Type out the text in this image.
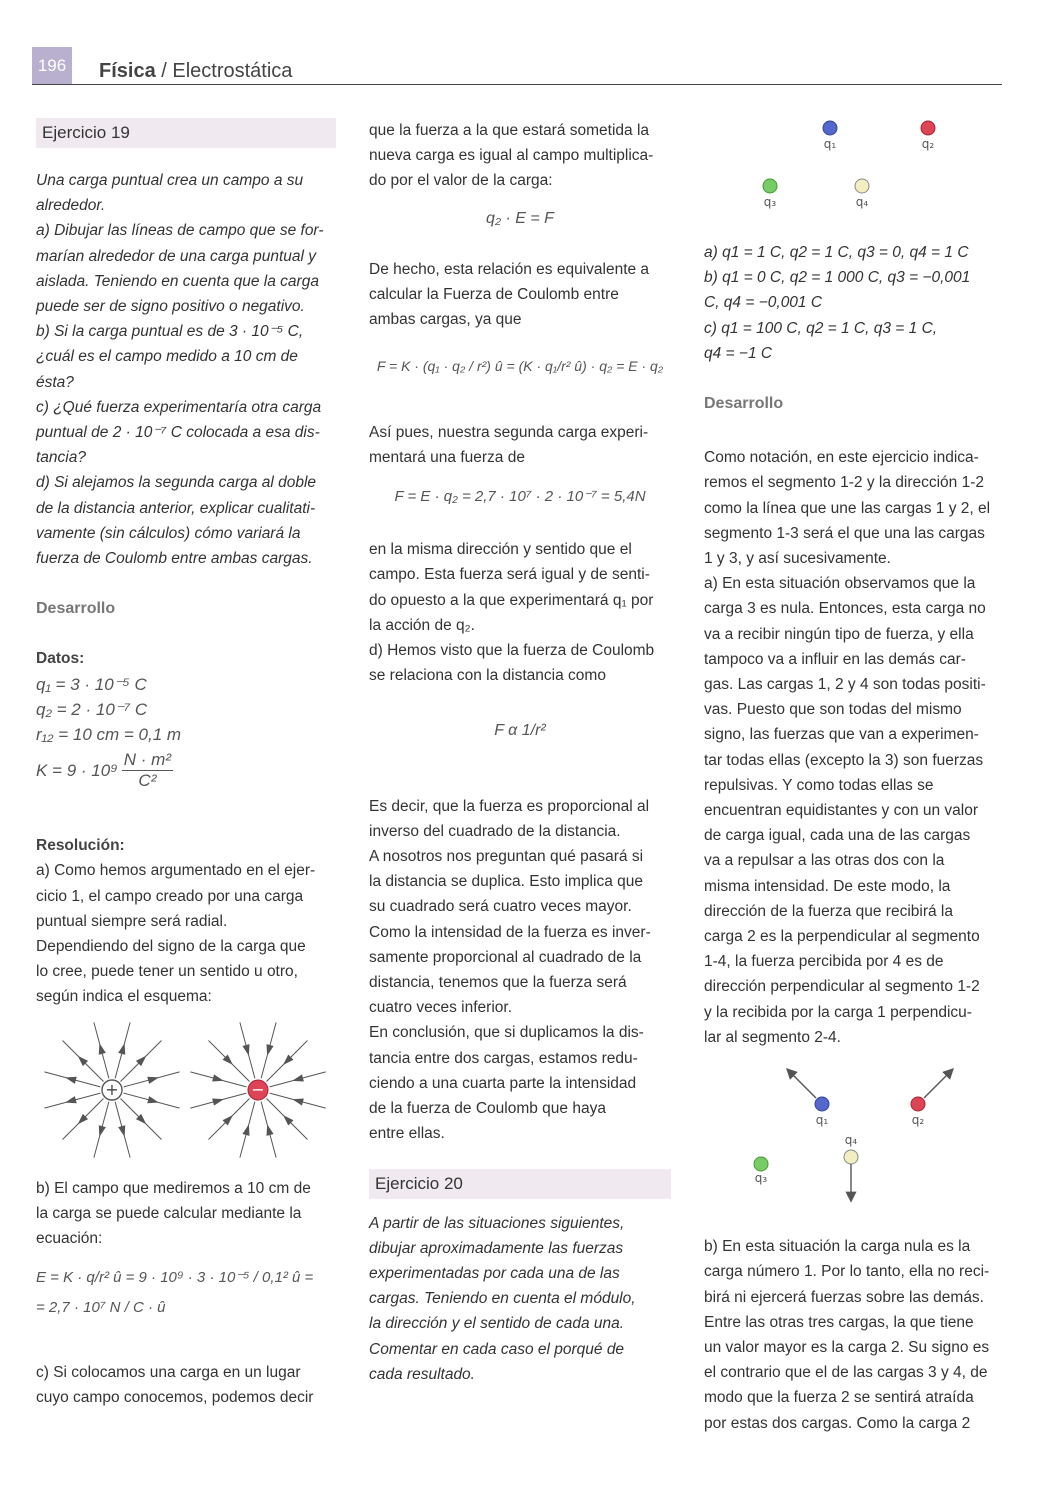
196 Física / Electrostática
Ejercicio 19
Una carga puntual crea un campo a su
alrededor.
a) Dibujar las líneas de campo que se for-
marían alrededor de una carga puntual y
aislada. Teniendo en cuenta que la carga
puede ser de signo positivo o negativo.
b) Si la carga puntual es de 3 · 10⁻⁵ C,
¿cuál es el campo medido a 10 cm de
ésta?
c) ¿Qué fuerza experimentaría otra carga
puntual de 2 · 10⁻⁷ C colocada a esa dis-
tancia?
d) Si alejamos la segunda carga al doble
de la distancia anterior, explicar cualitati-
vamente (sin cálculos) cómo variará la
fuerza de Coulomb entre ambas cargas.

Desarrollo

Datos:

q₁ = 3 · 10⁻⁵ C
q₂ = 2 · 10⁻⁷ C
r₁₂ = 10 cm = 0,1 m
$K = 9 \cdot 10^9 \frac{\text{N · m²}}{\text{C²}}$

Resolución:

a) Como hemos argumentado en el ejer-
cicio 1, el campo creado por una carga
puntual siempre será radial.
Dependiendo del signo de la carga que
lo cree, puede tener un sentido u otro,
según indica el esquema:
+	−
b) El campo que mediremos a 10 cm de
la carga se puede calcular mediante la
ecuación:
E = K · q/r² û = 9 · 10⁹ · 3 · 10⁻⁵ / 0,1² û =
= 2,7 · 10⁷ N / C · û
c) Si colocamos una carga en un lugar
cuyo campo conocemos, podemos decir
que la fuerza a la que estará sometida la
nueva carga es igual al campo multiplica-
do por el valor de la carga:
q₂ · E = F
De hecho, esta relación es equivalente a
calcular la Fuerza de Coulomb entre
ambas cargas, ya que
F = K · (q₁ · q₂ / r²) û = (K · q₁/r² û) · q₂ = E · q₂
Así pues, nuestra segunda carga experi-
mentará una fuerza de
F = E · q₂ = 2,7 · 10⁷ · 2 · 10⁻⁷ = 5,4N
en la misma dirección y sentido que el
campo. Esta fuerza será igual y de senti-
do opuesto a la que experimentará q₁ por
la acción de q₂.
d) Hemos visto que la fuerza de Coulomb
se relaciona con la distancia como
F α 1/r²
Es decir, que la fuerza es proporcional al
inverso del cuadrado de la distancia.
A nosotros nos preguntan qué pasará si
la distancia se duplica. Esto implica que
su cuadrado será cuatro veces mayor.
Como la intensidad de la fuerza es inver-
samente proporcional al cuadrado de la
distancia, tenemos que la fuerza será
cuatro veces inferior.
En conclusión, que si duplicamos la dis-
tancia entre dos cargas, estamos redu-
ciendo a una cuarta parte la intensidad
de la fuerza de Coulomb que haya
entre ellas.
Ejercicio 20
A partir de las situaciones siguientes,
dibujar aproximadamente las fuerzas
experimentadas por cada una de las
cargas. Teniendo en cuenta el módulo,
la dirección y el sentido de cada una.
Comentar en cada caso el porqué de
cada resultado.
q₁	q₂
q₃	q₄
a) q1 = 1 C, q2 = 1 C, q3 = 0, q4 = 1 C
b) q1 = 0 C, q2 = 1 000 C, q3 = −0,001
C, q4 = −0,001 C
c) q1 = 100 C, q2 = 1 C, q3 = 1 C,
q4 = −1 C

Desarrollo

Como notación, en este ejercicio indica-
remos el segmento 1-2 y la dirección 1-2
como la línea que une las cargas 1 y 2, el
segmento 1-3 será el que una las cargas
1 y 3, y así sucesivamente.
a) En esta situación observamos que la
carga 3 es nula. Entonces, esta carga no
va a recibir ningún tipo de fuerza, y ella
tampoco va a influir en las demás car-
gas. Las cargas 1, 2 y 4 son todas positi-
vas. Puesto que son todas del mismo
signo, las fuerzas que van a experimen-
tar todas ellas (excepto la 3) son fuerzas
repulsivas. Y como todas ellas se
encuentran equidistantes y con un valor
de carga igual, cada una de las cargas
va a repulsar a las otras dos con la
misma intensidad. De este modo, la
dirección de la fuerza que recibirá la
carga 2 es la perpendicular al segmento
1-4, la fuerza percibida por 4 es de
dirección perpendicular al segmento 1-2
y la recibida por la carga 1 perpendicu-
lar al segmento 2-4.
q₁	q₂
q₃
q₄
b) En esta situación la carga nula es la
carga número 1. Por lo tanto, ella no reci-
birá ni ejercerá fuerzas sobre las demás.
Entre las otras tres cargas, la que tiene
un valor mayor es la carga 2. Su signo es
el contrario que el de las cargas 3 y 4, de
modo que la fuerza 2 se sentirá atraída
por estas dos cargas. Como la carga 2
